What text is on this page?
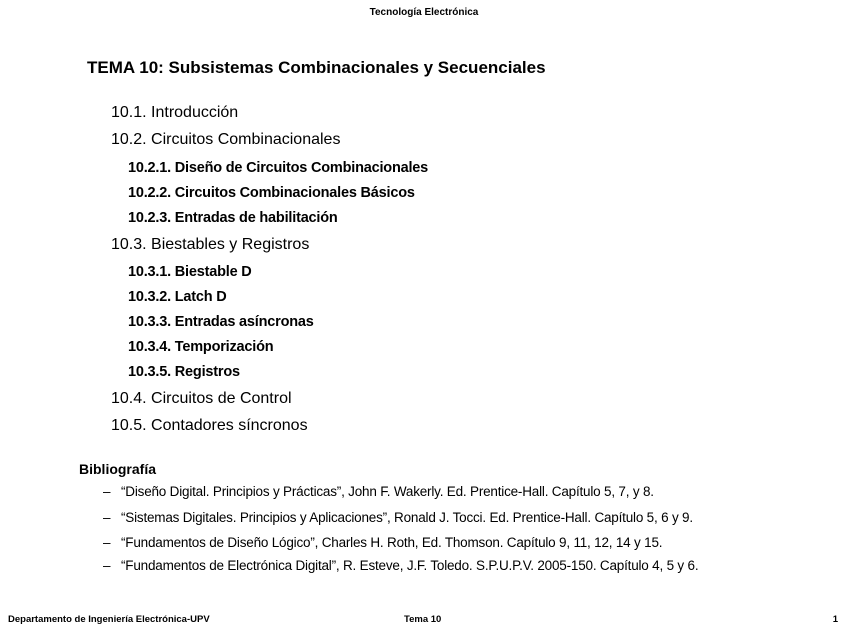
Tecnología Electrónica
TEMA 10: Subsistemas Combinacionales y Secuenciales
10.1. Introducción
10.2. Circuitos Combinacionales
10.2.1. Diseño de Circuitos Combinacionales
10.2.2. Circuitos Combinacionales Básicos
10.2.3. Entradas de habilitación
10.3. Biestables y Registros
10.3.1. Biestable D
10.3.2. Latch D
10.3.3. Entradas asíncronas
10.3.4. Temporización
10.3.5. Registros
10.4. Circuitos de Control
10.5. Contadores síncronos
Bibliografía
– “Diseño Digital. Principios y Prácticas”, John F. Wakerly. Ed. Prentice-Hall. Capítulo 5, 7, y 8.
– “Sistemas Digitales. Principios y Aplicaciones”, Ronald J. Tocci. Ed. Prentice-Hall. Capítulo 5, 6 y 9.
– “Fundamentos de Diseño Lógico”, Charles H. Roth, Ed. Thomson. Capítulo 9, 11, 12, 14 y 15.
– “Fundamentos de Electrónica Digital”, R. Esteve, J.F. Toledo. S.P.U.P.V. 2005-150. Capítulo 4, 5 y 6.
Departamento de Ingeniería Electrónica-UPV	Tema 10	1
